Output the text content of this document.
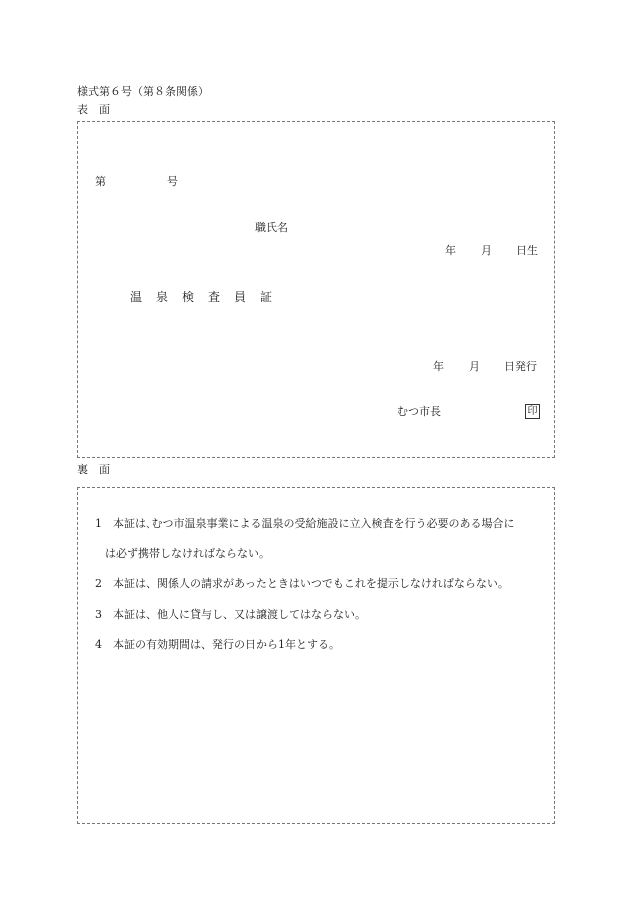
様式第６号（第８条関係）
表　面
第	号
職氏名
年 月 日生
温泉検査員証
年 月 日発行
むつ市長	印
裏　面
1 本証は､むつ市温泉事業による温泉の受給施設に立入検査を行う必要のある場合に
は必ず携帯しなければならない。
2 本証は、関係人の請求があったときはいつでもこれを提示しなければならない。
3 本証は、他人に貸与し、又は譲渡してはならない。
4 本証の有効期間は、発行の日から1年とする。
